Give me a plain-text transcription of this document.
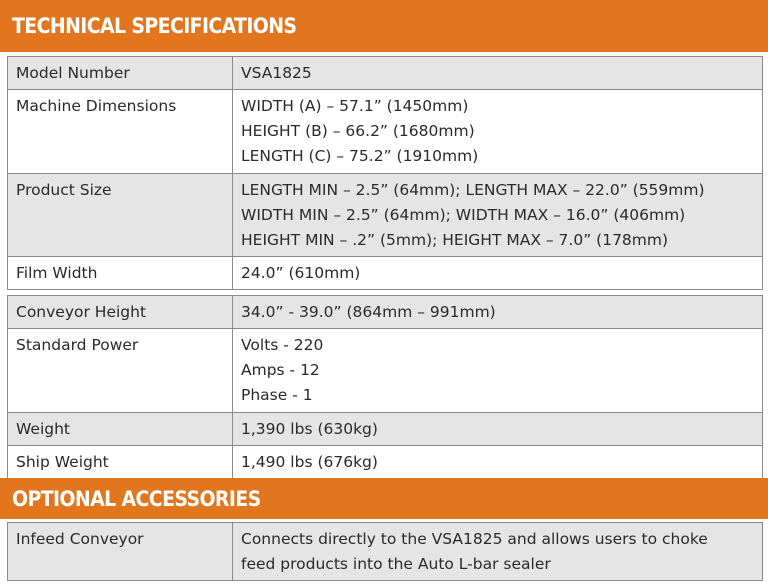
TECHNICAL SPECIFICATIONS
Model Number	VSA1825

Machine Dimensions	WIDTH (A) – 57.1” (1450mm)
HEIGHT (B) – 66.2” (1680mm)
LENGTH (C) – 75.2” (1910mm)

Product Size	LENGTH MIN – 2.5” (64mm); LENGTH MAX – 22.0” (559mm)
WIDTH MIN – 2.5” (64mm); WIDTH MAX – 16.0” (406mm)
HEIGHT MIN – .2” (5mm); HEIGHT MAX – 7.0” (178mm)

Film Width	24.0” (610mm)
Conveyor Height	34.0” - 39.0” (864mm – 991mm)

Standard Power	Volts - 220
Amps - 12
Phase - 1

Weight	1,390 lbs (630kg)

Ship Weight	1,490 lbs (676kg)
OPTIONAL ACCESSORIES
Infeed Conveyor	Connects directly to the VSA1825 and allows users to choke
feed products into the Auto L-bar sealer
